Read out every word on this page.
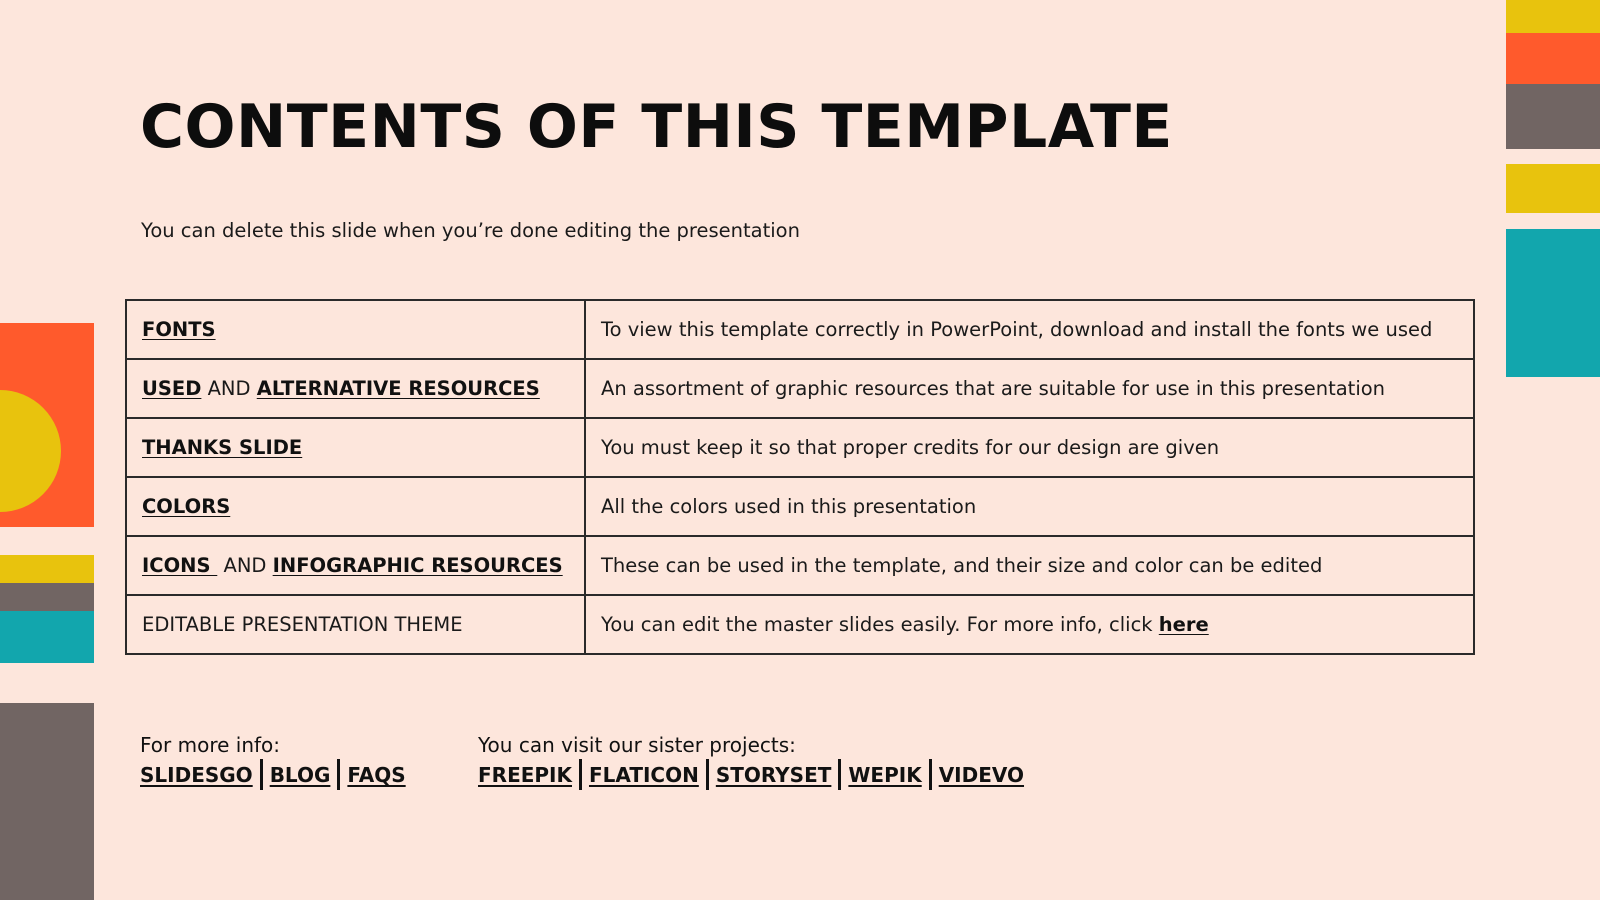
CONTENTS OF THIS TEMPLATE
You can delete this slide when you’re done editing the presentation
FONTS	To view this template correctly in PowerPoint, download and install the fonts we used
USED AND ALTERNATIVE RESOURCES	An assortment of graphic resources that are suitable for use in this presentation
THANKS SLIDE	You must keep it so that proper credits for our design are given
COLORS	All the colors used in this presentation
ICONS  AND INFOGRAPHIC RESOURCES	These can be used in the template, and their size and color can be edited
EDITABLE PRESENTATION THEME	You can edit the master slides easily. For more info, click here
For more info:
SLIDESGO BLOG FAQS
You can visit our sister projects:
FREEPIK FLATICON STORYSET WEPIK VIDEVO
